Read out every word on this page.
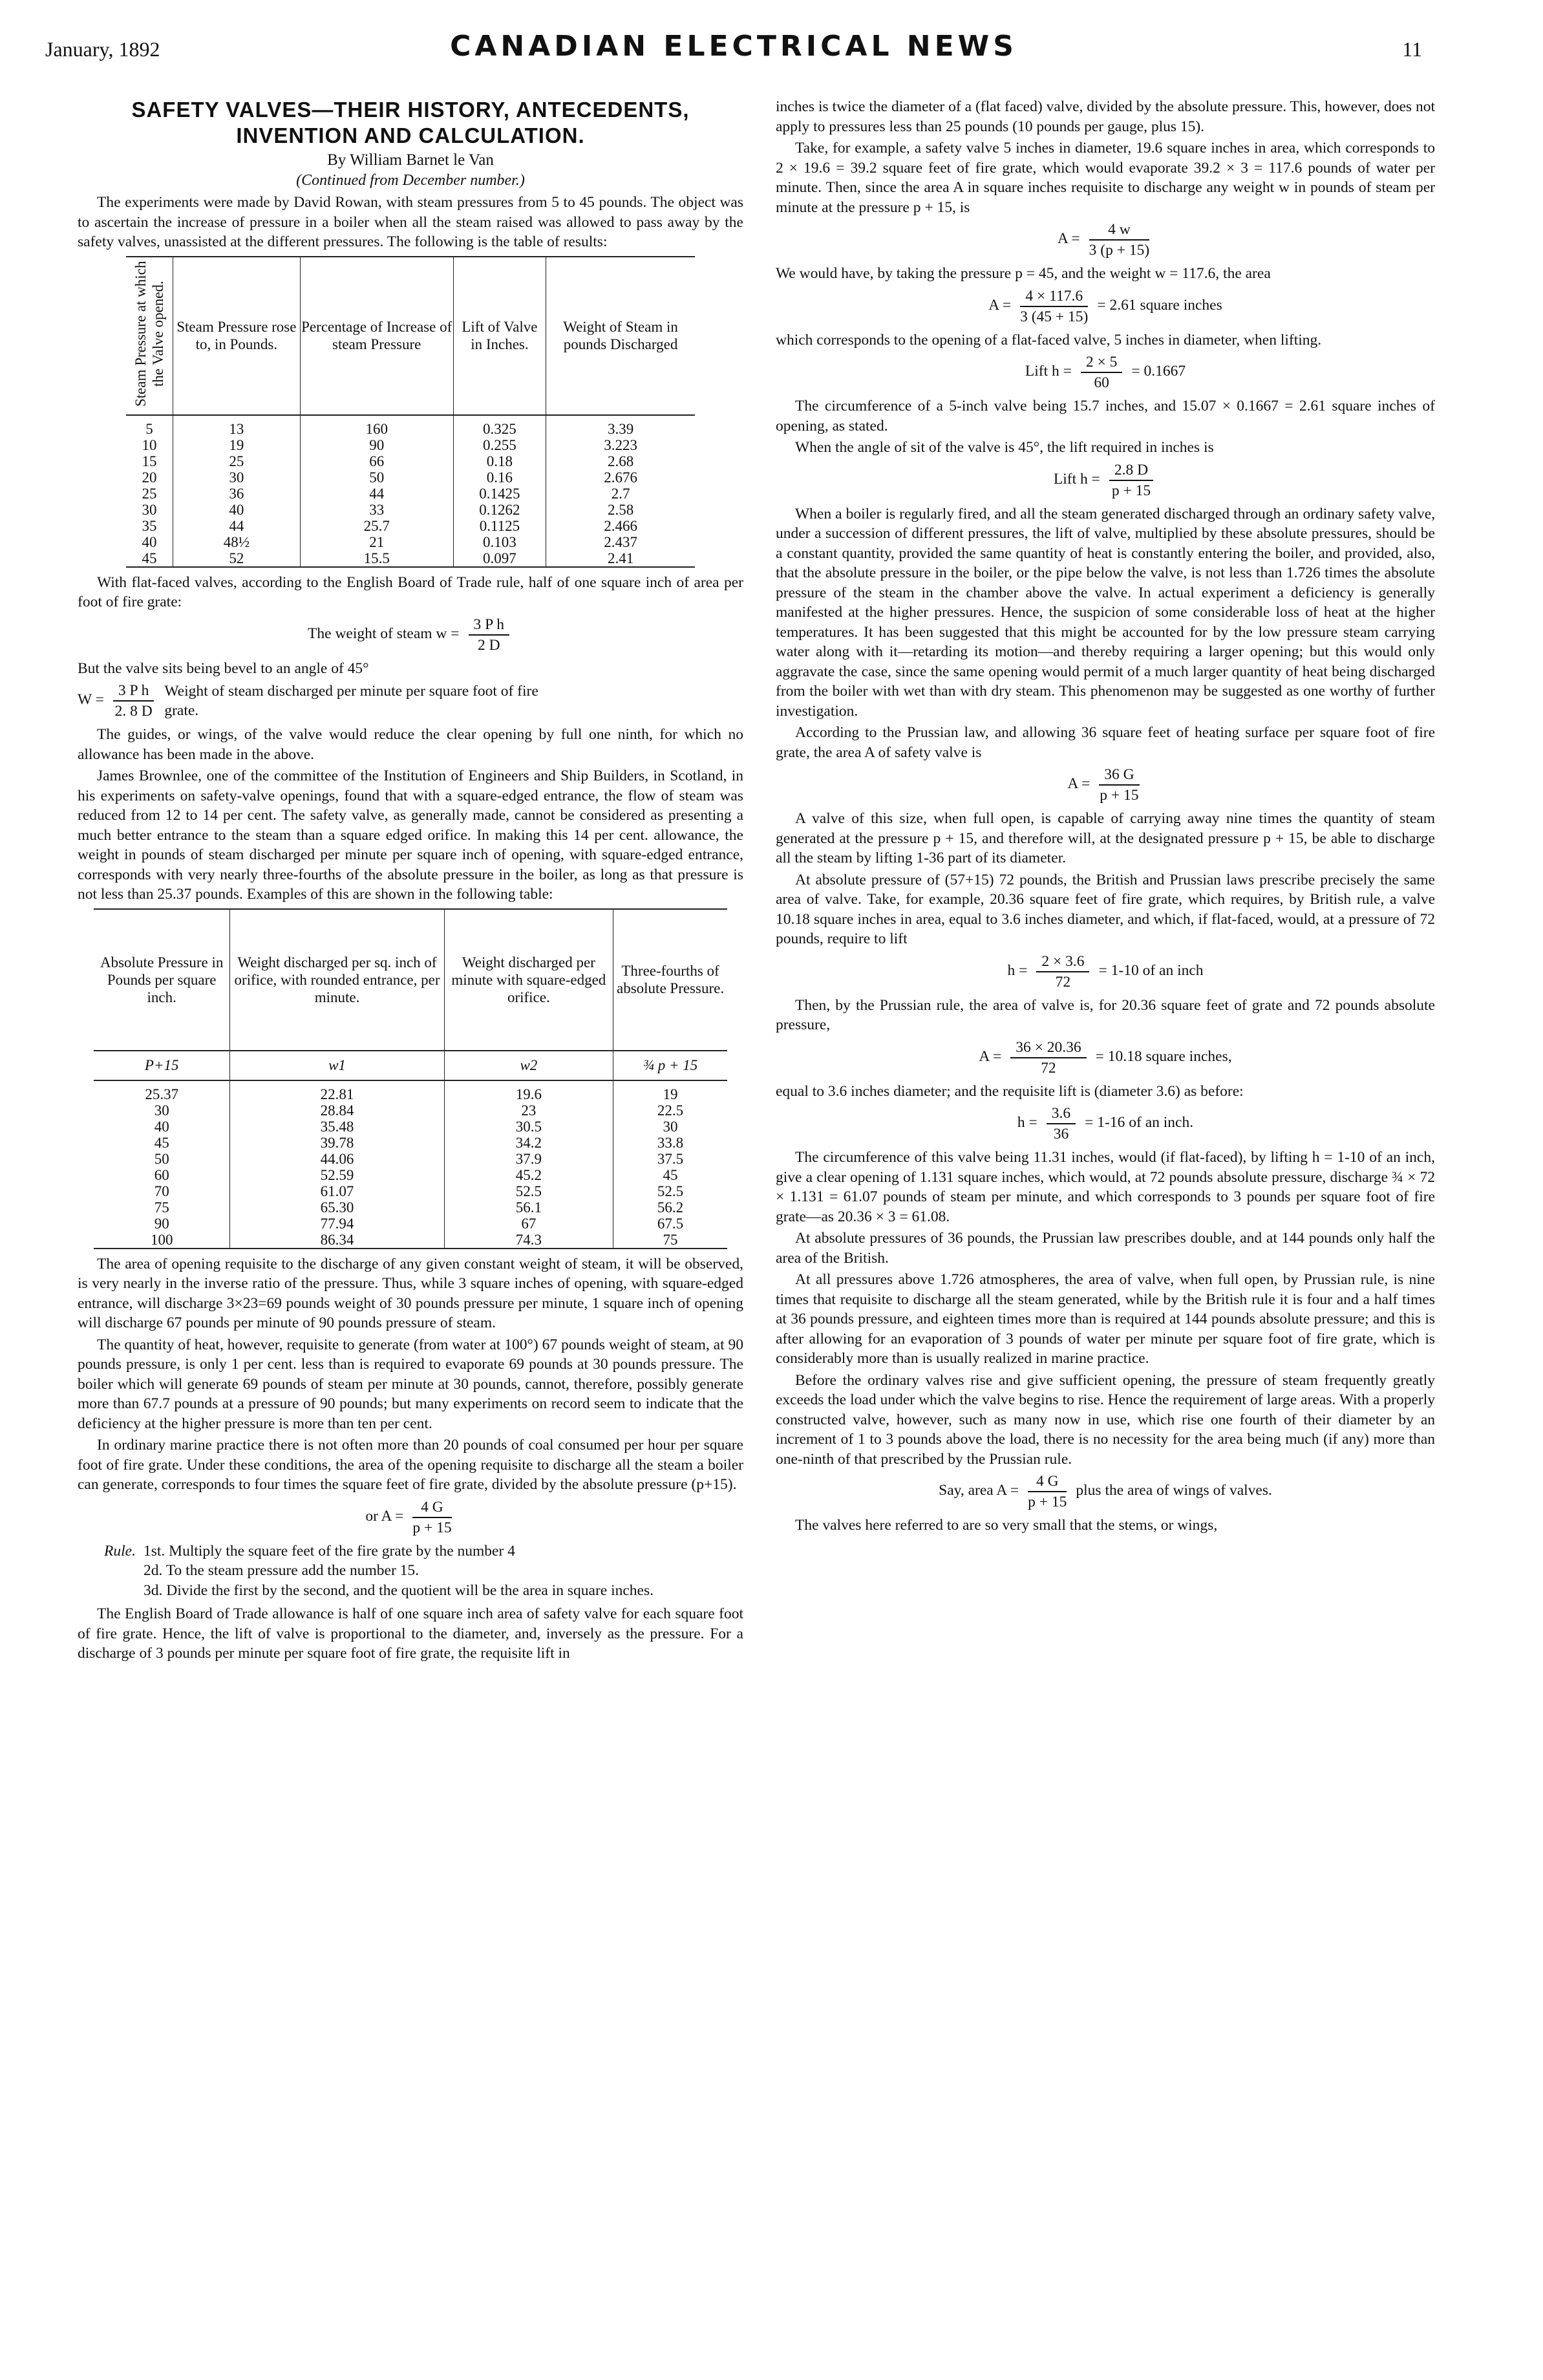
January, 1892	CANADIAN ELECTRICAL NEWS	11
SAFETY VALVES—THEIR HISTORY, ANTECEDENTS, INVENTION AND CALCULATION.
By William Barnet le Van
(Continued from December number.)

The experiments were made by David Rowan, with steam pressures from 5 to 45 pounds. The object was to ascertain the increase of pressure in a boiler when all the steam raised was allowed to pass away by the safety valves, unassisted at the different pressures. The following is the table of results:

Steam Pressure at which the Valve opened.	Steam Pressure rose to, in Pounds.	Percentage of Increase of steam Pressure	Lift of Valve in Inches.	Weight of Steam in pounds Discharged
5	13	160	0.325	3.39
10	19	90	0.255	3.223
15	25	66	0.18	2.68
20	30	50	0.16	2.676
25	36	44	0.1425	2.7
30	40	33	0.1262	2.58
35	44	25.7	0.1125	2.466
40	48½	21	0.103	2.437
45	52	15.5	0.097	2.41

With flat-faced valves, according to the English Board of Trade rule, half of one square inch of area per foot of fire grate:

The weight of steam $w = \frac{\text{3 P h}}{2 D}$

But the valve sits being bevel to an angle of 45°

$W = \frac{\text{3 P h}}{2. 8 D}$ Weight of steam discharged per minute per square foot of fire grate.

The guides, or wings, of the valve would reduce the clear opening by full one ninth, for which no allowance has been made in the above.

James Brownlee, one of the committee of the Institution of Engineers and Ship Builders, in Scotland, in his experiments on safety-valve openings, found that with a square-edged entrance, the flow of steam was reduced from 12 to 14 per cent. The safety valve, as generally made, cannot be considered as presenting a much better entrance to the steam than a square edged orifice. In making this 14 per cent. allowance, the weight in pounds of steam discharged per minute per square inch of opening, with square-edged entrance, corresponds with very nearly three-fourths of the absolute pressure in the boiler, as long as that pressure is not less than 25.37 pounds. Examples of this are shown in the following table:

Absolute Pressure in Pounds per square inch.	Weight discharged per sq. inch of orifice, with rounded entrance, per minute.	Weight discharged per minute with square-edged orifice.	Three-fourths of absolute Pressure.
P+15	w1	w2	¾ p + 15
25.37	22.81	19.6	19
30	28.84	23	22.5
40	35.48	30.5	30
45	39.78	34.2	33.8
50	44.06	37.9	37.5
60	52.59	45.2	45
70	61.07	52.5	52.5
75	65.30	56.1	56.2
90	77.94	67	67.5
100	86.34	74.3	75

The area of opening requisite to the discharge of any given constant weight of steam, it will be observed, is very nearly in the inverse ratio of the pressure. Thus, while 3 square inches of opening, with square-edged entrance, will discharge 3×23=69 pounds weight of 30 pounds pressure per minute, 1 square inch of opening will discharge 67 pounds per minute of 90 pounds pressure of steam.

The quantity of heat, however, requisite to generate (from water at 100°) 67 pounds weight of steam, at 90 pounds pressure, is only 1 per cent. less than is required to evaporate 69 pounds at 30 pounds pressure. The boiler which will generate 69 pounds of steam per minute at 30 pounds, cannot, therefore, possibly generate more than 67.7 pounds at a pressure of 90 pounds; but many experiments on record seem to indicate that the deficiency at the higher pressure is more than ten per cent.

In ordinary marine practice there is not often more than 20 pounds of coal consumed per hour per square foot of fire grate. Under these conditions, the area of the opening requisite to discharge all the steam a boiler can generate, corresponds to four times the square feet of fire grate, divided by the absolute pressure (p+15).

or $A = \frac{4 G}{p + 15}$
Rule. 1st. Multiply the square feet of the fire grate by the number 4
2d. To the steam pressure add the number 15.
3d. Divide the first by the second, and the quotient will be the area in square inches.

The English Board of Trade allowance is half of one square inch area of safety valve for each square foot of fire grate. Hence, the lift of valve is proportional to the diameter, and, inversely as the pressure. For a discharge of 3 pounds per minute per square foot of fire grate, the requisite lift in

inches is twice the diameter of a (flat faced) valve, divided by the absolute pressure. This, however, does not apply to pressures less than 25 pounds (10 pounds per gauge, plus 15).

Take, for example, a safety valve 5 inches in diameter, 19.6 square inches in area, which corresponds to 2 × 19.6 = 39.2 square feet of fire grate, which would evaporate 39.2 × 3 = 117.6 pounds of water per minute. Then, since the area A in square inches requisite to discharge any weight w in pounds of steam per minute at the pressure p + 15, is

$A = \frac{4 w}{3 (p + 15)}$

We would have, by taking the pressure p = 45, and the weight w = 117.6, the area

$A = \frac{4 \times 117.6}{3 (45 + 15)} = 2.61$ square inches

which corresponds to the opening of a flat-faced valve, 5 inches in diameter, when lifting.

Lift $h = \frac{2 \times 5}{60} = 0.1667$

The circumference of a 5-inch valve being 15.7 inches, and 15.07 × 0.1667 = 2.61 square inches of opening, as stated.

When the angle of sit of the valve is 45°, the lift required in inches is

Lift $h = \frac{2.8 D}{p + 15}$

When a boiler is regularly fired, and all the steam generated discharged through an ordinary safety valve, under a succession of different pressures, the lift of valve, multiplied by these absolute pressures, should be a constant quantity, provided the same quantity of heat is constantly entering the boiler, and provided, also, that the absolute pressure in the boiler, or the pipe below the valve, is not less than 1.726 times the absolute pressure of the steam in the chamber above the valve. In actual experiment a deficiency is generally manifested at the higher pressures. Hence, the suspicion of some considerable loss of heat at the higher temperatures. It has been suggested that this might be accounted for by the low pressure steam carrying water along with it—retarding its motion—and thereby requiring a larger opening; but this would only aggravate the case, since the same opening would permit of a much larger quantity of heat being discharged from the boiler with wet than with dry steam. This phenomenon may be suggested as one worthy of further investigation.

According to the Prussian law, and allowing 36 square feet of heating surface per square foot of fire grate, the area A of safety valve is

$A = \frac{36 G}{p + 15}$

A valve of this size, when full open, is capable of carrying away nine times the quantity of steam generated at the pressure p + 15, and therefore will, at the designated pressure p + 15, be able to discharge all the steam by lifting 1-36 part of its diameter.

At absolute pressure of (57+15) 72 pounds, the British and Prussian laws prescribe precisely the same area of valve. Take, for example, 20.36 square feet of fire grate, which requires, by British rule, a valve 10.18 square inches in area, equal to 3.6 inches diameter, and which, if flat-faced, would, at a pressure of 72 pounds, require to lift

$h = \frac{2 \times 3.6}{72} = 1-10$ of an inch

Then, by the Prussian rule, the area of valve is, for 20.36 square feet of grate and 72 pounds absolute pressure,

$A = \frac{36 \times 20.36}{72} = 10.18$ square inches,

equal to 3.6 inches diameter; and the requisite lift is (diameter 3.6) as before:

$h = \frac{3.6}{36} = 1-16$ of an inch.

The circumference of this valve being 11.31 inches, would (if flat-faced), by lifting h = 1-10 of an inch, give a clear opening of 1.131 square inches, which would, at 72 pounds absolute pressure, discharge ¾ × 72 × 1.131 = 61.07 pounds of steam per minute, and which corresponds to 3 pounds per square foot of fire grate—as 20.36 × 3 = 61.08.

At absolute pressures of 36 pounds, the Prussian law prescribes double, and at 144 pounds only half the area of the British.

At all pressures above 1.726 atmospheres, the area of valve, when full open, by Prussian rule, is nine times that requisite to discharge all the steam generated, while by the British rule it is four and a half times at 36 pounds pressure, and eighteen times more than is required at 144 pounds absolute pressure; and this is after allowing for an evaporation of 3 pounds of water per minute per square foot of fire grate, which is considerably more than is usually realized in marine practice.

Before the ordinary valves rise and give sufficient opening, the pressure of steam frequently greatly exceeds the load under which the valve begins to rise. Hence the requirement of large areas. With a properly constructed valve, however, such as many now in use, which rise one fourth of their diameter by an increment of 1 to 3 pounds above the load, there is no necessity for the area being much (if any) more than one-ninth of that prescribed by the Prussian rule.

Say, area $A = \frac{4 G}{p + 15}$ plus the area of wings of valves.

The valves here referred to are so very small that the stems, or wings,
